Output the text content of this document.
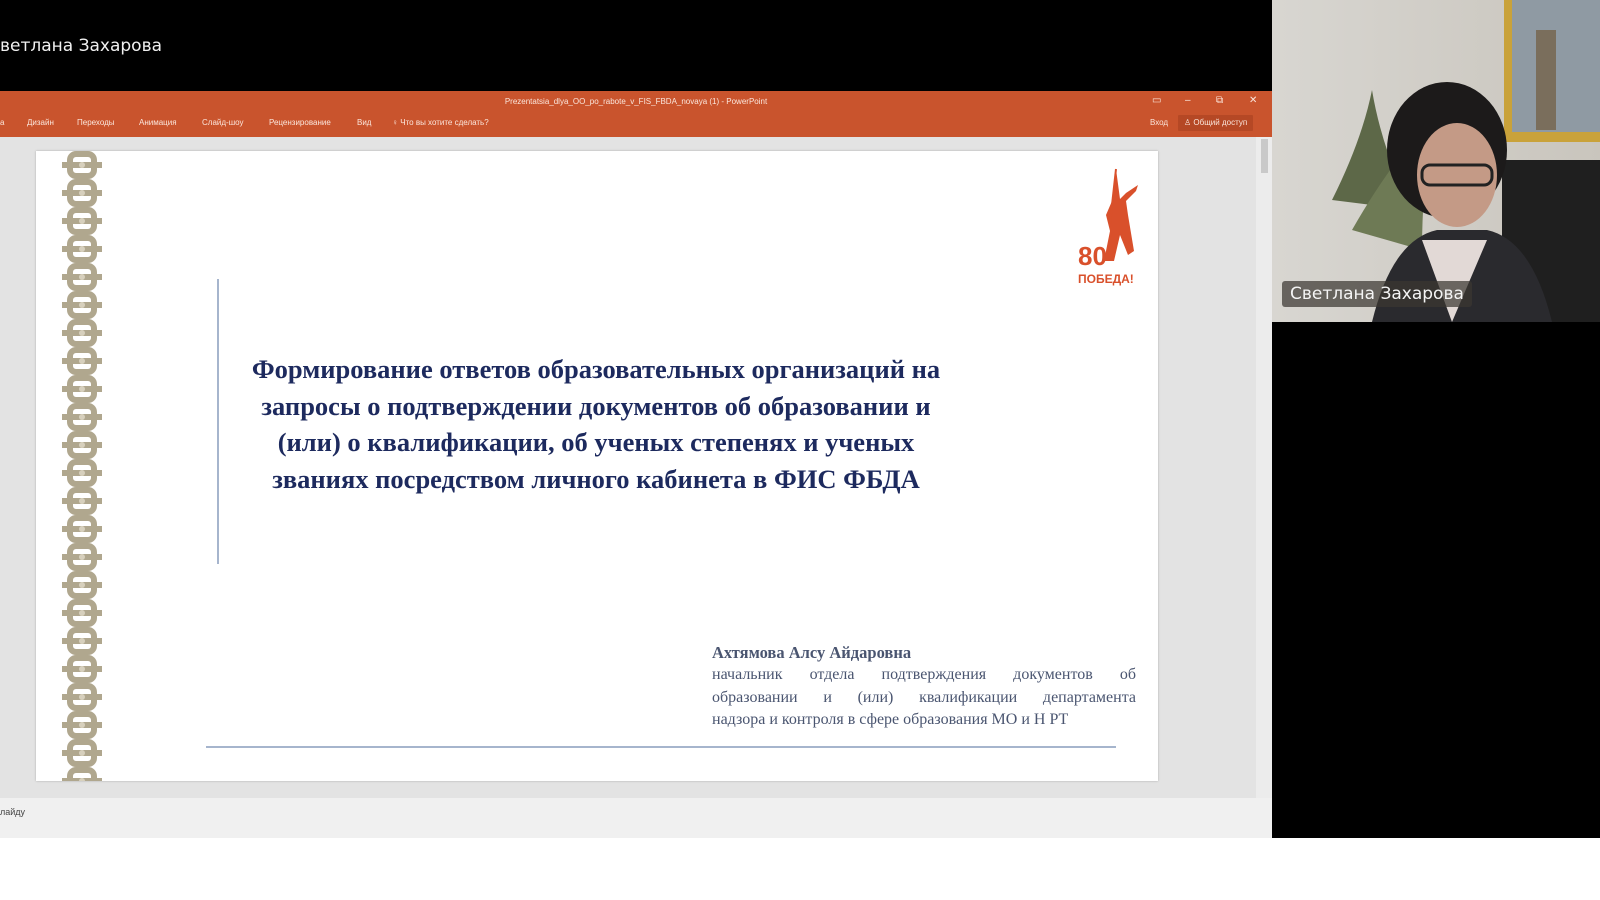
ветлана Захарова
Prezentatsia_dlya_OO_po_rabote_v_FIS_FBDA_novaya (1) - PowerPoint	▭ –	⧉	✕
а	Дизайн	Переходы	Анимация	Слайд-шоу	Рецензирование	Вид	♀ Что вы хотите сделать?	Вход	♙ Общий доступ
Формирование ответов образовательных организаций на запросы о подтверждении документов об образовании и (или) о квалификации, об ученых степенях и ученых званиях посредством личного кабинета в ФИС ФБДА
Ахтямова Алсу Айдаровна
начальник отдела подтверждения документов об
образовании и (или) квалификации департамента
надзора и контроля в сфере образования МО и Н РТ
80
ПОБЕДА!
лайду
Светлана Захарова
